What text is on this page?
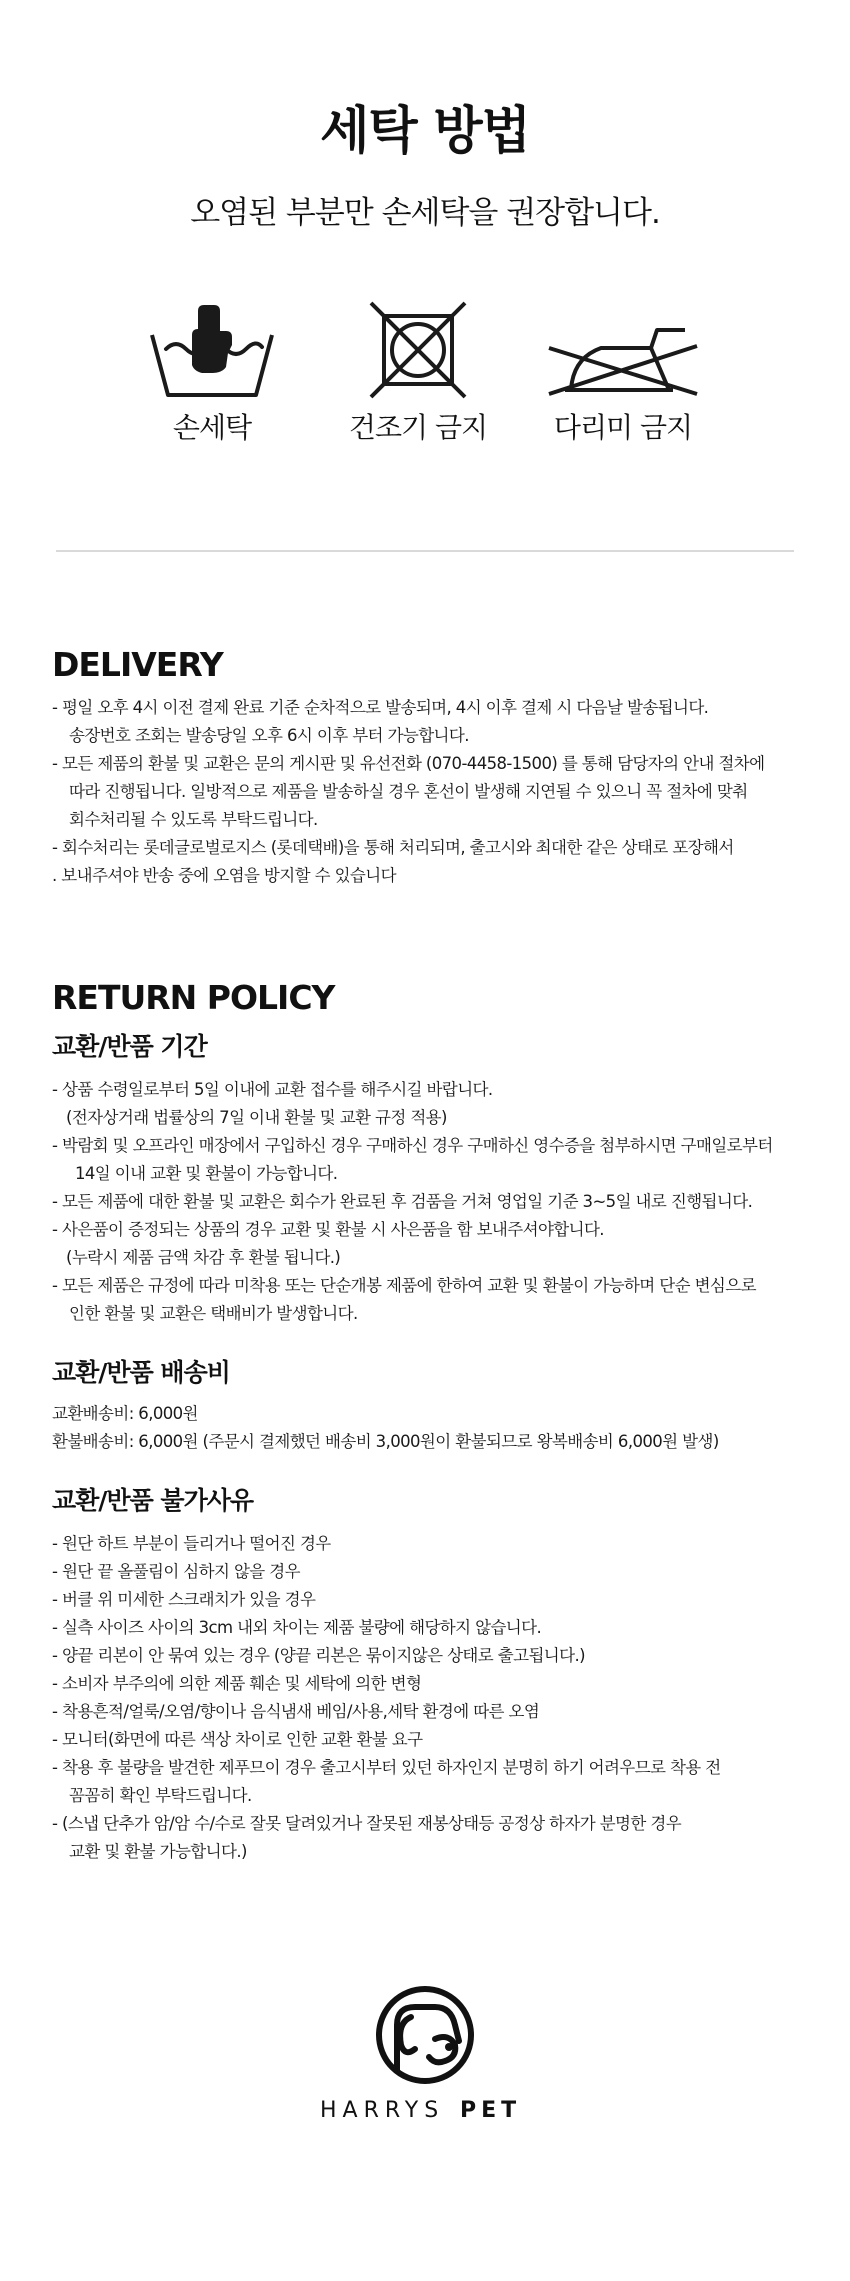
세탁 방법

오염된 부분만 손세탁을 권장합니다.

손세탁	건조기 금지	다리미 금지
DELIVERY

- 평일 오후 4시 이전 결제 완료 기준 순차적으로 발송되며, 4시 이후 결제 시 다음날 발송됩니다.

송장번호 조회는 발송당일 오후 6시 이후 부터 가능합니다.

- 모든 제품의 환불 및 교환은 문의 게시판 및 유선전화 (070-4458-1500) 를 통해 담당자의 안내 절차에

따라 진행됩니다. 일방적으로 제품을 발송하실 경우 혼선이 발생해 지연될 수 있으니 꼭 절차에 맞춰

회수처리될 수 있도록 부탁드립니다.

- 회수처리는 롯데글로벌로지스 (롯데택배)을 통해 처리되며, 출고시와 최대한 같은 상태로 포장해서

. 보내주셔야 반송 중에 오염을 방지할 수 있습니다

RETURN POLICY
교환/반품 기간

- 상품 수령일로부터 5일 이내에 교환 접수를 해주시길 바랍니다.

(전자상거래 법률상의 7일 이내 환불 및 교환 규정 적용)

- 박람회 및 오프라인 매장에서 구입하신 경우 구매하신 경우 구매하신 영수증을 첨부하시면 구매일로부터

14일 이내 교환 및 환불이 가능합니다.

- 모든 제품에 대한 환불 및 교환은 회수가 완료된 후 검품을 거쳐 영업일 기준 3~5일 내로 진행됩니다.

- 사은품이 증정되는 상품의 경우 교환 및 환불 시 사은품을 함 보내주셔야합니다.

(누락시 제품 금액 차감 후 환불 됩니다.)

- 모든 제품은 규정에 따라 미착용 또는 단순개봉 제품에 한하여 교환 및 환불이 가능하며 단순 변심으로

인한 환불 및 교환은 택배비가 발생합니다.

교환/반품 배송비

교환배송비: 6,000원

환불배송비: 6,000원 (주문시 결제했던 배송비 3,000원이 환불되므로 왕복배송비 6,000원 발생)

교환/반품 불가사유

- 원단 하트 부분이 들리거나 떨어진 경우

- 원단 끝 올풀림이 심하지 않을 경우

- 버클 위 미세한 스크래치가 있을 경우

- 실측 사이즈 사이의 3cm 내외 차이는 제품 불량에 해당하지 않습니다.

- 양끝 리본이 안 묶여 있는 경우 (양끝 리본은 묶이지않은 상태로 출고됩니다.)

- 소비자 부주의에 의한 제품 훼손 및 세탁에 의한 변형

- 착용흔적/얼룩/오염/향이나 음식냄새 베임/사용,세탁 환경에 따른 오염

- 모니터(화면에 따른 색상 차이로 인한 교환 환불 요구

- 착용 후 불량을 발견한 제푸므이 경우 출고시부터 있던 하자인지 분명히 하기 어려우므로 착용 전

꼼꼼히 확인 부탁드립니다.

- (스냅 단추가 암/암 수/수로 잘못 달려있거나 잘못된 재봉상태등 공정상 하자가 분명한 경우

교환 및 환불 가능합니다.)

HARRYS PET
